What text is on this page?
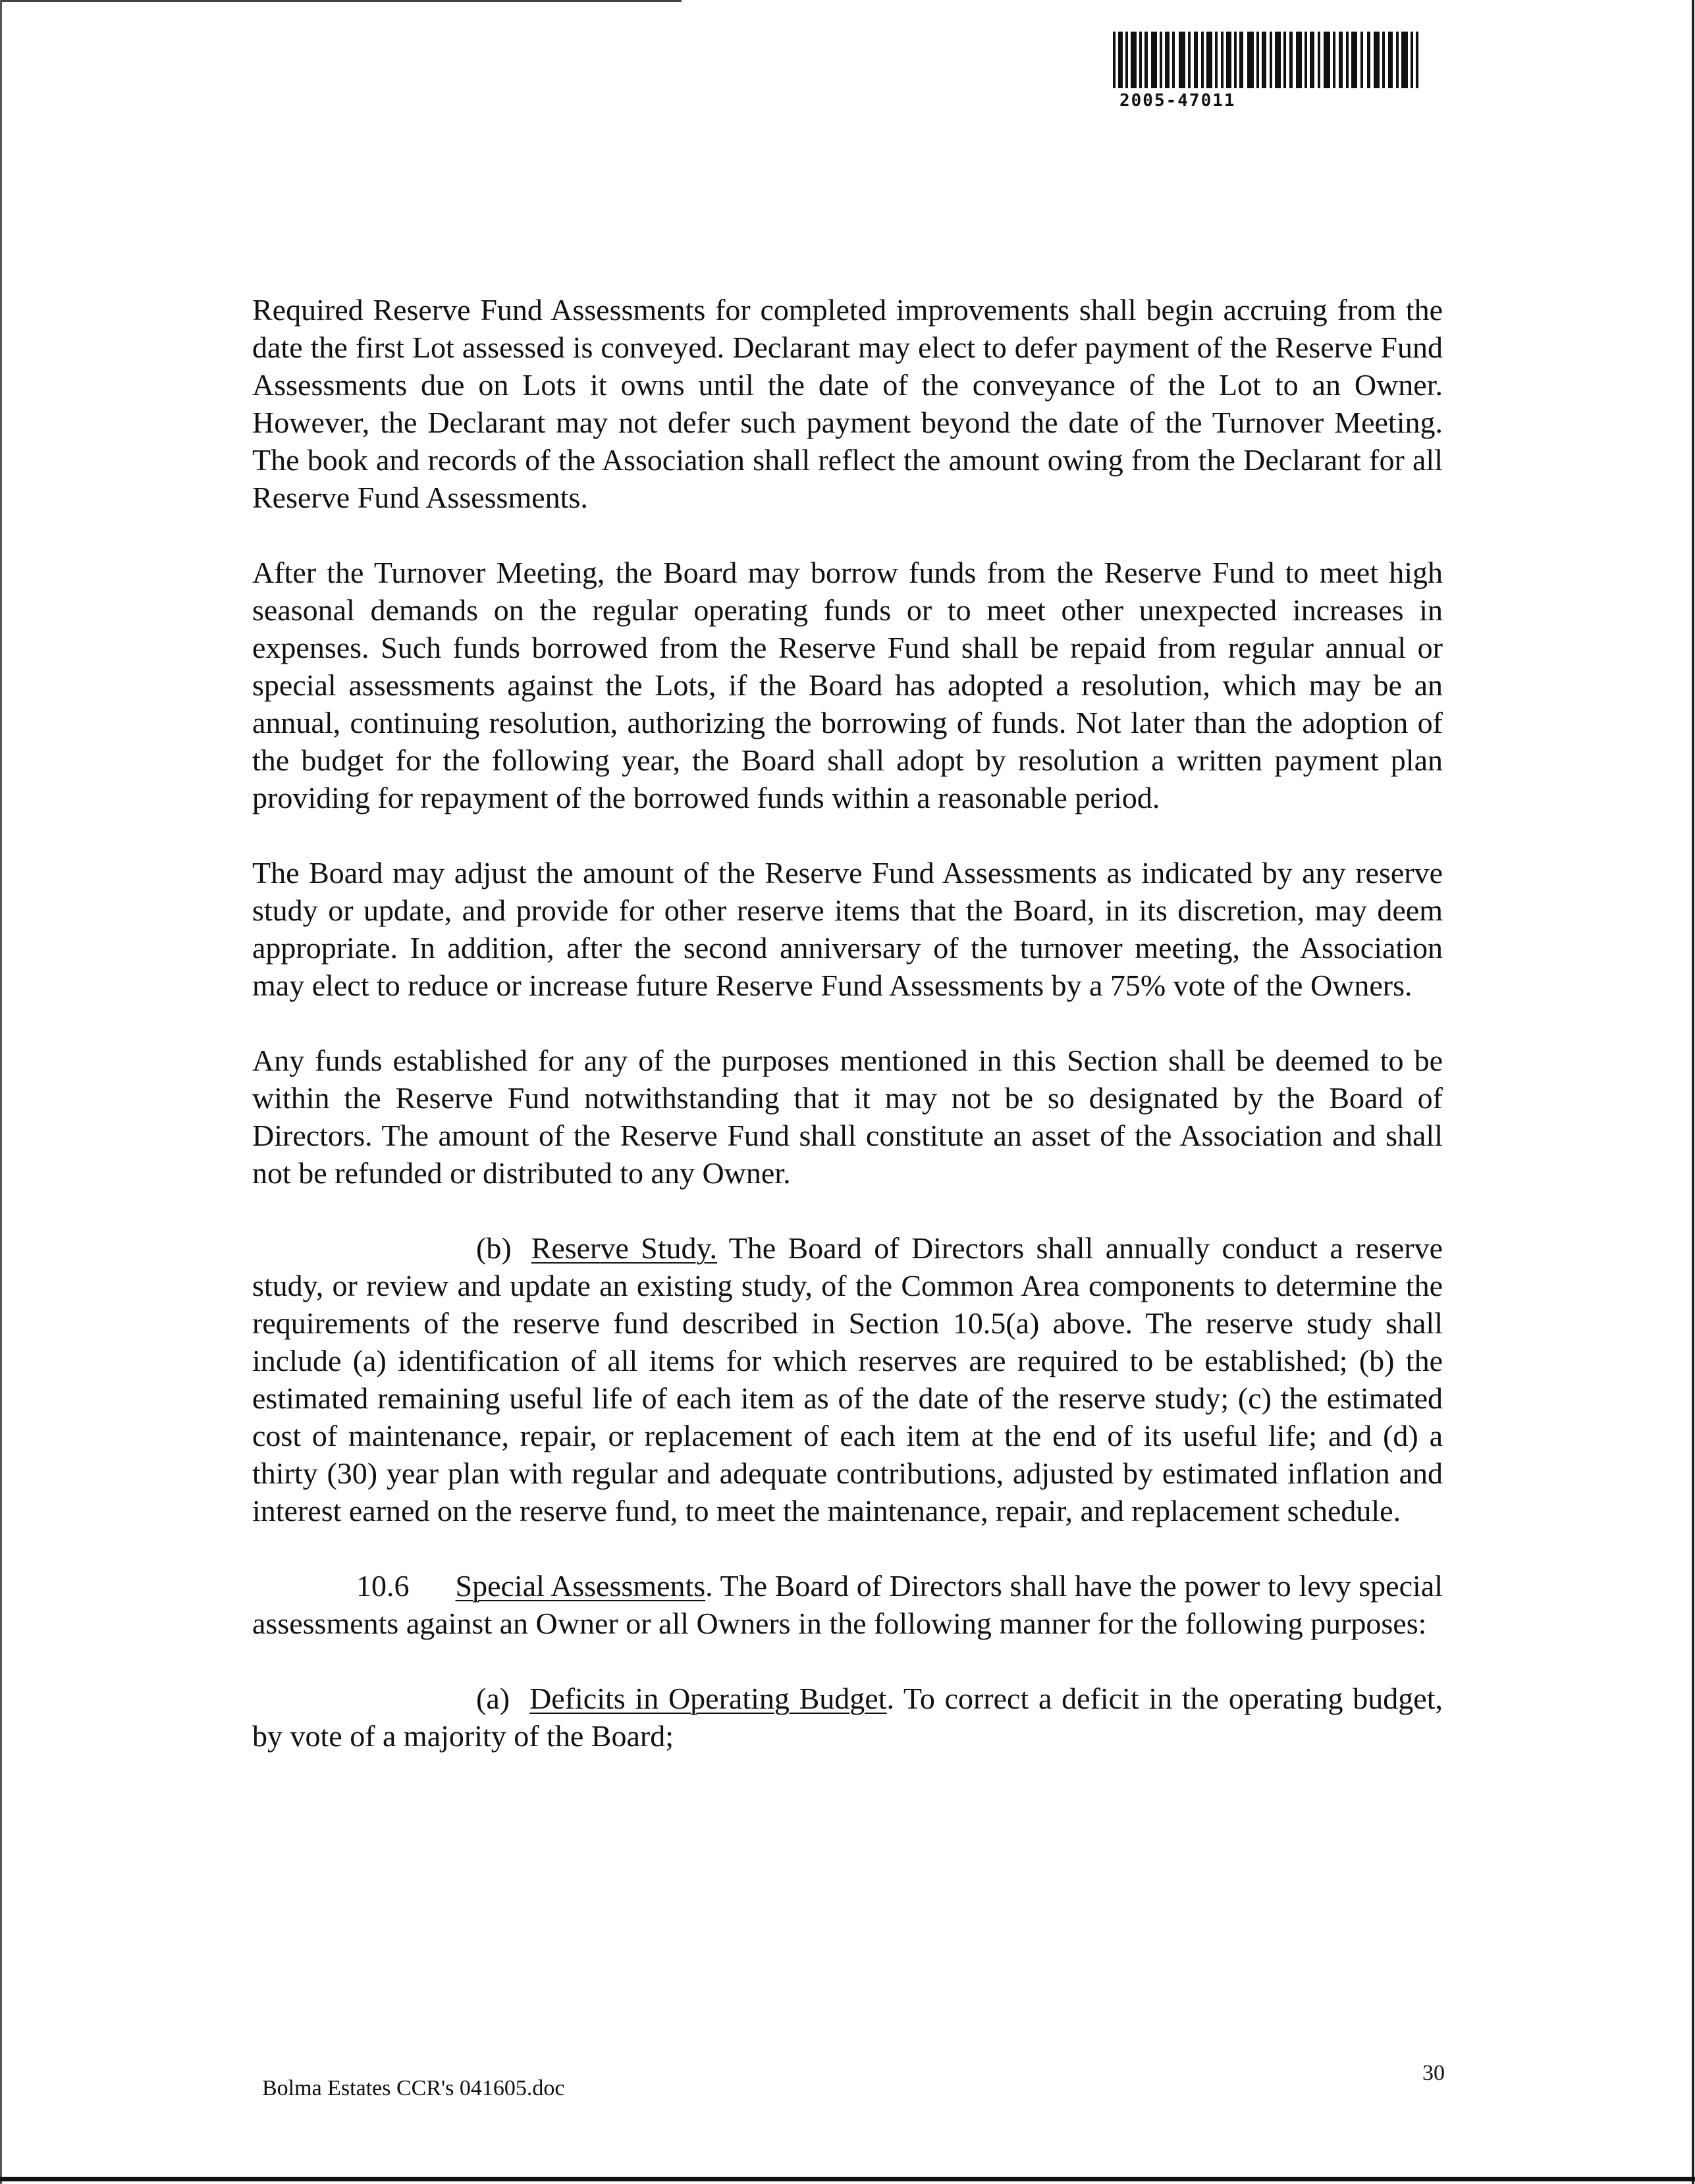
2005-47011

Required Reserve Fund Assessments for completed improvements shall begin accruing from the date the first Lot assessed is conveyed. Declarant may elect to defer payment of the Reserve Fund Assessments due on Lots it owns until the date of the conveyance of the Lot to an Owner. However, the Declarant may not defer such payment beyond the date of the Turnover Meeting. The book and records of the Association shall reflect the amount owing from the Declarant for all Reserve Fund Assessments.

After the Turnover Meeting, the Board may borrow funds from the Reserve Fund to meet high seasonal demands on the regular operating funds or to meet other unexpected increases in expenses. Such funds borrowed from the Reserve Fund shall be repaid from regular annual or special assessments against the Lots, if the Board has adopted a resolution, which may be an annual, continuing resolution, authorizing the borrowing of funds. Not later than the adoption of the budget for the following year, the Board shall adopt by resolution a written payment plan providing for repayment of the borrowed funds within a reasonable period.

The Board may adjust the amount of the Reserve Fund Assessments as indicated by any reserve study or update, and provide for other reserve items that the Board, in its discretion, may deem appropriate. In addition, after the second anniversary of the turnover meeting, the Association may elect to reduce or increase future Reserve Fund Assessments by a 75% vote of the Owners.

Any funds established for any of the purposes mentioned in this Section shall be deemed to be within the Reserve Fund notwithstanding that it may not be so designated by the Board of Directors. The amount of the Reserve Fund shall constitute an asset of the Association and shall not be refunded or distributed to any Owner.

(b) Reserve Study. The Board of Directors shall annually conduct a reserve study, or review and update an existing study, of the Common Area components to determine the requirements of the reserve fund described in Section 10.5(a) above. The reserve study shall include (a) identification of all items for which reserves are required to be established; (b) the estimated remaining useful life of each item as of the date of the reserve study; (c) the estimated cost of maintenance, repair, or replacement of each item at the end of its useful life; and (d) a thirty (30) year plan with regular and adequate contributions, adjusted by estimated inflation and interest earned on the reserve fund, to meet the maintenance, repair, and replacement schedule.

10.6 Special Assessments. The Board of Directors shall have the power to levy special assessments against an Owner or all Owners in the following manner for the following purposes:

(a) Deficits in Operating Budget. To correct a deficit in the operating budget, by vote of a majority of the Board;

Bolma Estates CCR's 041605.doc
30
